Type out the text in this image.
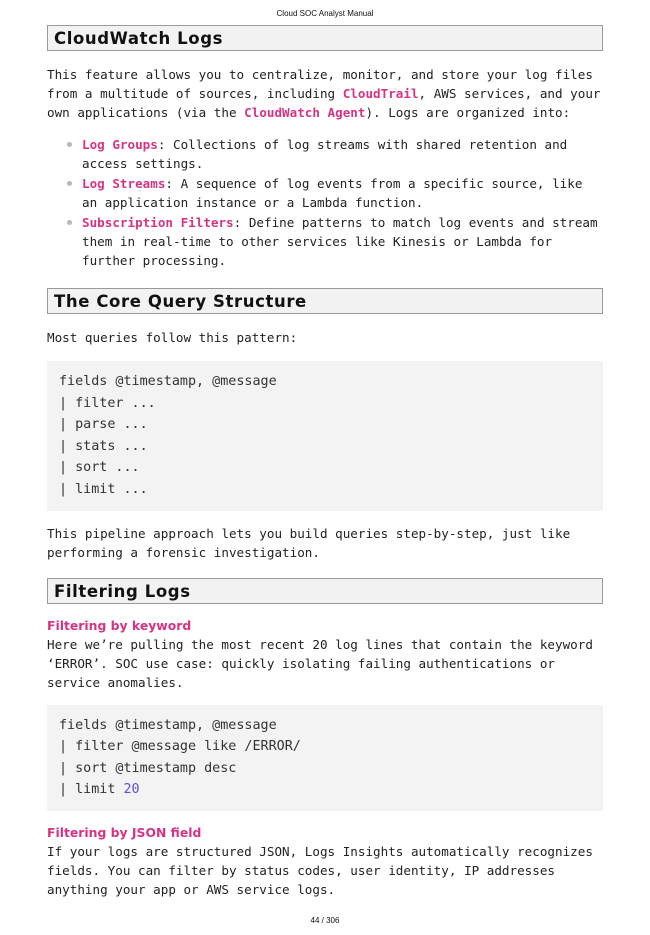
Cloud SOC Analyst Manual
CloudWatch Logs

This feature allows you to centralize, monitor, and store your log files from a multitude of sources, including CloudTrail, AWS services, and your own applications (via the CloudWatch Agent). Logs are organized into:

Log Groups: Collections of log streams with shared retention and access settings.
Log Streams: A sequence of log events from a specific source, like an application instance or a Lambda function.
Subscription Filters: Define patterns to match log events and stream them in real-time to other services like Kinesis or Lambda for further processing.
The Core Query Structure

Most queries follow this pattern:

fields @timestamp, @message
| filter ...
| parse ...
| stats ...
| sort ...
| limit ...

This pipeline approach lets you build queries step-by-step, just like performing a forensic investigation.

Filtering Logs
Filtering by keyword

Here we’re pulling the most recent 20 log lines that contain the keyword ‘ERROR’. SOC use case: quickly isolating failing authentications or service anomalies.

fields @timestamp, @message
| filter @message like /ERROR/
| sort @timestamp desc
| limit 20
Filtering by JSON field

If your logs are structured JSON, Logs Insights automatically recognizes fields. You can filter by status codes, user identity, IP addresses anything your app or AWS service logs.

44 / 306
